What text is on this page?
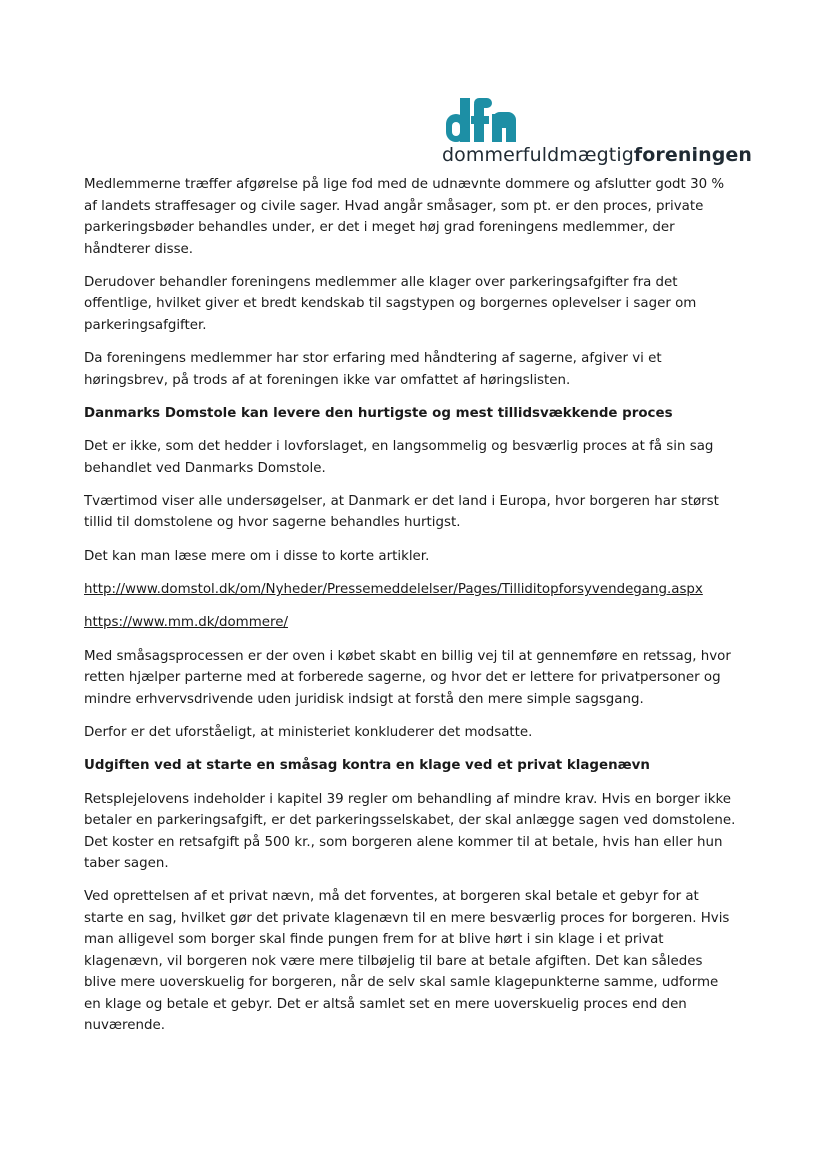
dommerfuldmægtigforeningen

Medlemmerne træffer afgørelse på lige fod med de udnævnte dommere og afslutter godt 30 % af landets straffesager og civile sager. Hvad angår småsager, som pt. er den proces, private parkeringsbøder behandles under, er det i meget høj grad foreningens medlemmer, der håndterer disse.

Derudover behandler foreningens medlemmer alle klager over parkeringsafgifter fra det offentlige, hvilket giver et bredt kendskab til sagstypen og borgernes oplevelser i sager om parkeringsafgifter.

Da foreningens medlemmer har stor erfaring med håndtering af sagerne, afgiver vi et høringsbrev, på trods af at foreningen ikke var omfattet af høringslisten.

Danmarks Domstole kan levere den hurtigste og mest tillidsvækkende proces

Det er ikke, som det hedder i lovforslaget, en langsommelig og besværlig proces at få sin sag behandlet ved Danmarks Domstole.

Tværtimod viser alle undersøgelser, at Danmark er det land i Europa, hvor borgeren har størst tillid til domstolene og hvor sagerne behandles hurtigst.

Det kan man læse mere om i disse to korte artikler.

http://www.domstol.dk/om/Nyheder/Pressemeddelelser/Pages/Tilliditopforsyvendegang.aspx

https://www.mm.dk/dommere/

Med småsagsprocessen er der oven i købet skabt en billig vej til at gennemføre en retssag, hvor retten hjælper parterne med at forberede sagerne, og hvor det er lettere for privatpersoner og mindre erhvervsdrivende uden juridisk indsigt at forstå den mere simple sagsgang.

Derfor er det uforståeligt, at ministeriet konkluderer det modsatte.

Udgiften ved at starte en småsag kontra en klage ved et privat klagenævn

Retsplejelovens indeholder i kapitel 39 regler om behandling af mindre krav. Hvis en borger ikke betaler en parkeringsafgift, er det parkeringsselskabet, der skal anlægge sagen ved domstolene. Det koster en retsafgift på 500 kr., som borgeren alene kommer til at betale, hvis han eller hun taber sagen.

Ved oprettelsen af et privat nævn, må det forventes, at borgeren skal betale et gebyr for at starte en sag, hvilket gør det private klagenævn til en mere besværlig proces for borgeren. Hvis man alligevel som borger skal finde pungen frem for at blive hørt i sin klage i et privat klagenævn, vil borgeren nok være mere tilbøjelig til bare at betale afgiften. Det kan således blive mere uoverskuelig for borgeren, når de selv skal samle klagepunkterne samme, udforme en klage og betale et gebyr. Det er altså samlet set en mere uoverskuelig proces end den nuværende.
